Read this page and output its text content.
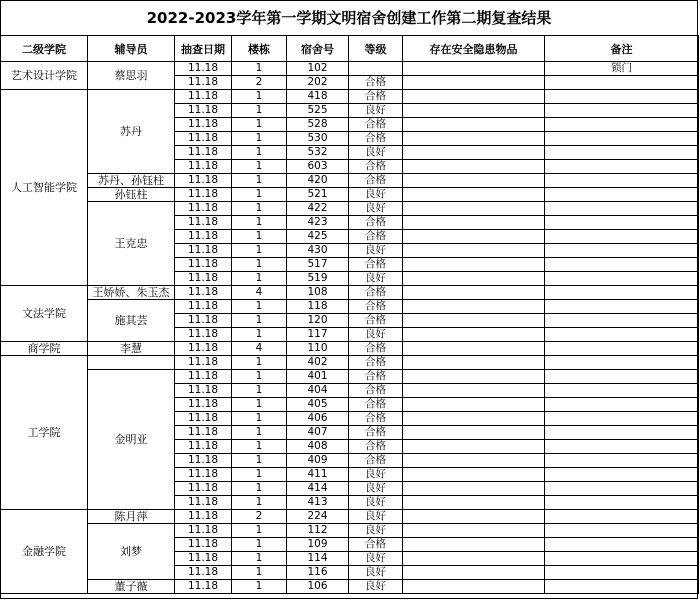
2022-2023学年第一学期文明宿舍创建工作第二期复查结果
二级学院	辅导员	抽查日期	楼栋	宿舍号	等级	存在安全隐患物品	备注
艺术设计学院	蔡思羽	11.18	1	102			锁门
		11.18	2	202	合格		
人工智能学院	苏丹	11.18	1	418	合格		
		11.18	1	525	良好		
		11.18	1	528	合格		
		11.18	1	530	合格		
		11.18	1	532	良好		
		11.18	1	603	合格		
	苏丹、孙钰柱	11.18	1	420	合格		
	孙钰柱	11.18	1	521	良好		
	王克忠	11.18	1	422	良好		
		11.18	1	423	合格		
		11.18	1	425	合格		
		11.18	1	430	良好		
		11.18	1	517	合格		
		11.18	1	519	良好		
文法学院	王娇娇、朱玉杰	11.18	4	108	合格		
	施其芸	11.18	1	118	合格		
		11.18	1	120	合格		
		11.18	1	117	良好		
商学院	李慧	11.18	4	110	合格		
工学院		11.18	1	402	合格		
	金明亚	11.18	1	401	合格		
		11.18	1	404	合格		
		11.18	1	405	合格		
		11.18	1	406	合格		
		11.18	1	407	合格		
		11.18	1	408	合格		
		11.18	1	409	合格		
		11.18	1	411	良好		
		11.18	1	414	良好		
		11.18	1	413	良好		
金融学院	陈月萍	11.18	2	224	良好		
	刘梦	11.18	1	112	良好		
		11.18	1	109	合格		
		11.18	1	114	良好		
		11.18	1	116	良好		
	董子薇	11.18	1	106	良好		
